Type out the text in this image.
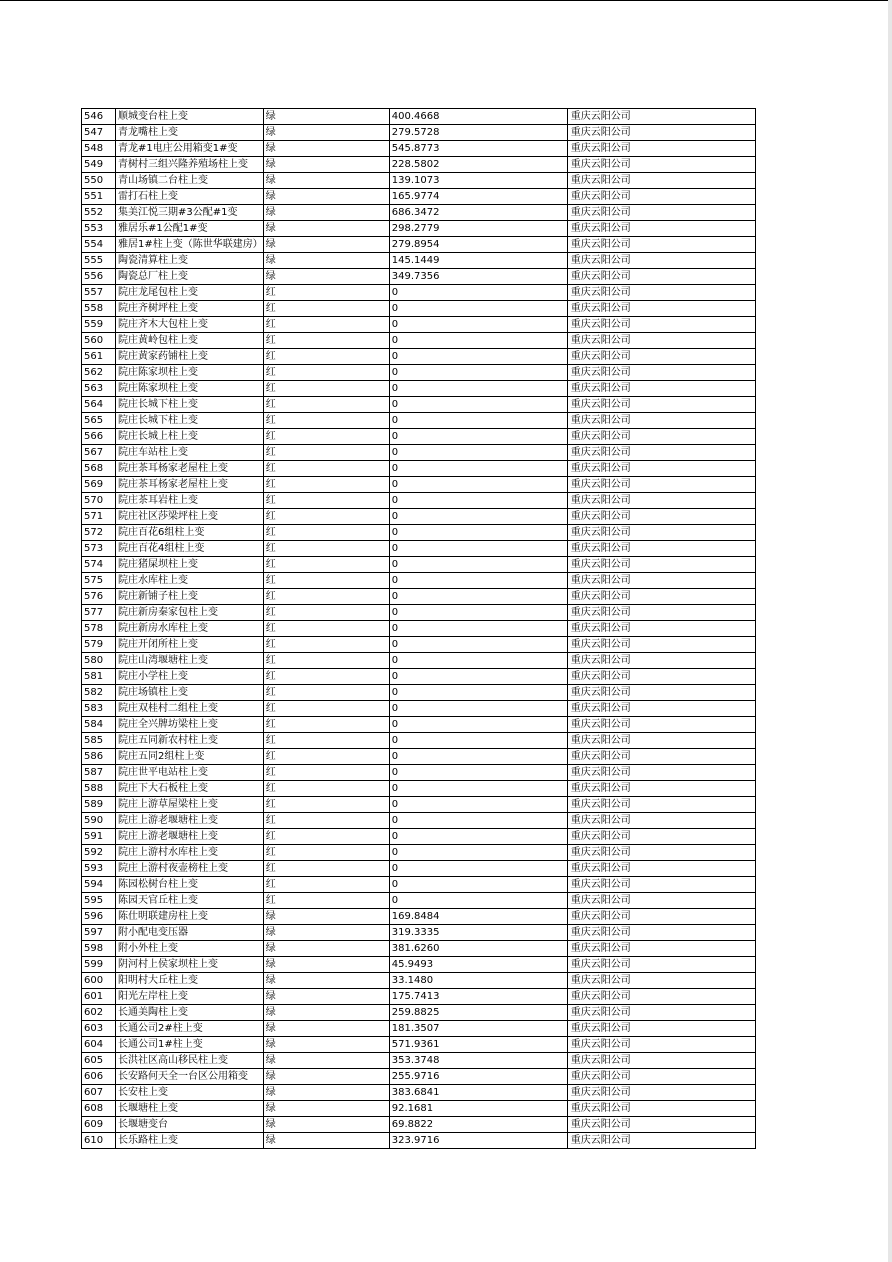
546	顺城变台柱上变	绿	400.4668	重庆云阳公司
547	青龙嘴柱上变	绿	279.5728	重庆云阳公司
548	青龙#1电庄公用箱变1#变	绿	545.8773	重庆云阳公司
549	青树村三组兴隆养殖场柱上变	绿	228.5802	重庆云阳公司
550	青山场镇二台柱上变	绿	139.1073	重庆云阳公司
551	雷打石柱上变	绿	165.9774	重庆云阳公司
552	集美江悦三期#3公配#1变	绿	686.3472	重庆云阳公司
553	雅居乐#1公配1#变	绿	298.2779	重庆云阳公司
554	雅居1#柱上变（陈世华联建房）	绿	279.8954	重庆云阳公司
555	陶瓷清算柱上变	绿	145.1449	重庆云阳公司
556	陶瓷总厂柱上变	绿	349.7356	重庆云阳公司
557	院庄龙尾包柱上变	红	0	重庆云阳公司
558	院庄齐树坪柱上变	红	0	重庆云阳公司
559	院庄齐木大包柱上变	红	0	重庆云阳公司
560	院庄黄岭包柱上变	红	0	重庆云阳公司
561	院庄黄家药铺柱上变	红	0	重庆云阳公司
562	院庄陈家坝柱上变	红	0	重庆云阳公司
563	院庄陈家坝柱上变	红	0	重庆云阳公司
564	院庄长城下柱上变	红	0	重庆云阳公司
565	院庄长城下柱上变	红	0	重庆云阳公司
566	院庄长城上柱上变	红	0	重庆云阳公司
567	院庄车站柱上变	红	0	重庆云阳公司
568	院庄茶耳杨家老屋柱上变	红	0	重庆云阳公司
569	院庄茶耳杨家老屋柱上变	红	0	重庆云阳公司
570	院庄茶耳岩柱上变	红	0	重庆云阳公司
571	院庄社区莎梁坪柱上变	红	0	重庆云阳公司
572	院庄百花6组柱上变	红	0	重庆云阳公司
573	院庄百花4组柱上变	红	0	重庆云阳公司
574	院庄猪屎坝柱上变	红	0	重庆云阳公司
575	院庄水库柱上变	红	0	重庆云阳公司
576	院庄新铺子柱上变	红	0	重庆云阳公司
577	院庄新房秦家包柱上变	红	0	重庆云阳公司
578	院庄新房水库柱上变	红	0	重庆云阳公司
579	院庄开闭所柱上变	红	0	重庆云阳公司
580	院庄山湾堰塘柱上变	红	0	重庆云阳公司
581	院庄小学柱上变	红	0	重庆云阳公司
582	院庄场镇柱上变	红	0	重庆云阳公司
583	院庄双桂村二组柱上变	红	0	重庆云阳公司
584	院庄全兴牌坊梁柱上变	红	0	重庆云阳公司
585	院庄五同新农村柱上变	红	0	重庆云阳公司
586	院庄五同2组柱上变	红	0	重庆云阳公司
587	院庄世平电站柱上变	红	0	重庆云阳公司
588	院庄下大石板柱上变	红	0	重庆云阳公司
589	院庄上游草屋梁柱上变	红	0	重庆云阳公司
590	院庄上游老堰塘柱上变	红	0	重庆云阳公司
591	院庄上游老堰塘柱上变	红	0	重庆云阳公司
592	院庄上游村水库柱上变	红	0	重庆云阳公司
593	院庄上游村夜壶榜柱上变	红	0	重庆云阳公司
594	陈园松树台柱上变	红	0	重庆云阳公司
595	陈园天官丘柱上变	红	0	重庆云阳公司
596	陈仕明联建房柱上变	绿	169.8484	重庆云阳公司
597	附小配电变压器	绿	319.3335	重庆云阳公司
598	附小外柱上变	绿	381.6260	重庆云阳公司
599	阴河村上侯家坝柱上变	绿	45.9493	重庆云阳公司
600	阳明村大丘柱上变	绿	33.1480	重庆云阳公司
601	阳光左岸柱上变	绿	175.7413	重庆云阳公司
602	长通美陶柱上变	绿	259.8825	重庆云阳公司
603	长通公司2#柱上变	绿	181.3507	重庆云阳公司
604	长通公司1#柱上变	绿	571.9361	重庆云阳公司
605	长洪社区高山移民柱上变	绿	353.3748	重庆云阳公司
606	长安路何天全一台区公用箱变	绿	255.9716	重庆云阳公司
607	长安柱上变	绿	383.6841	重庆云阳公司
608	长堰塘柱上变	绿	92.1681	重庆云阳公司
609	长堰塘变台	绿	69.8822	重庆云阳公司
610	长乐路柱上变	绿	323.9716	重庆云阳公司
